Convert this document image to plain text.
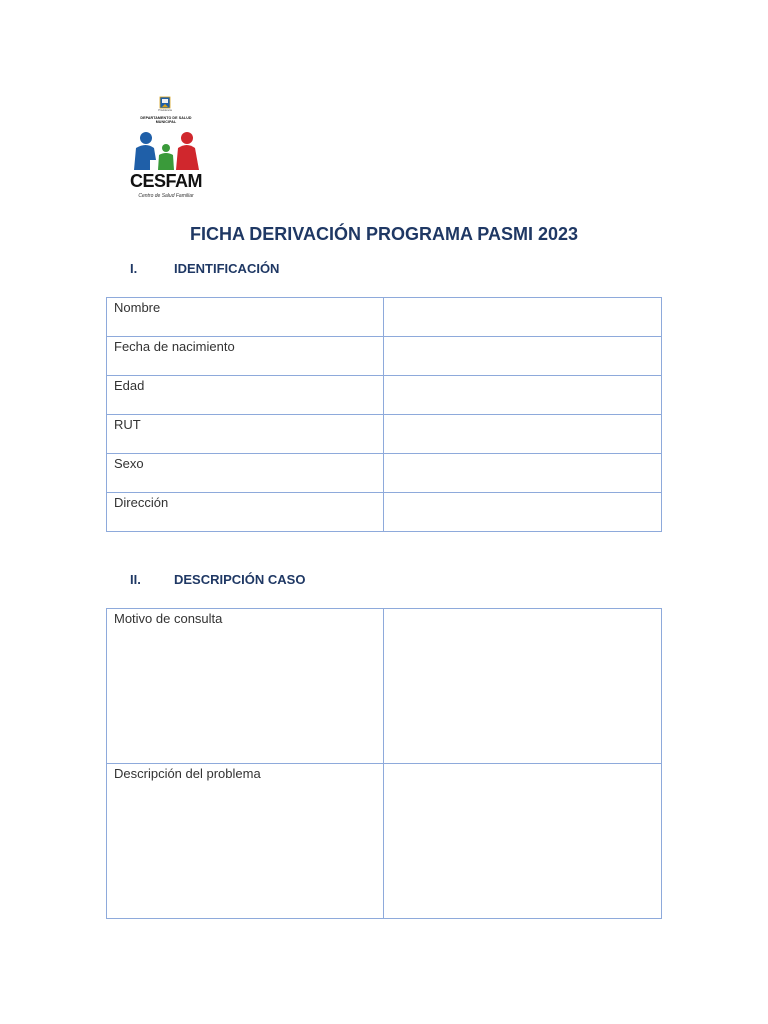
Providencia
DEPARTAMENTO DE SALUD MUNICIPAL
CESFAM
Centro de Salud Familiar
FICHA DERIVACIÓN PROGRAMA PASMI 2023
I.	IDENTIFICACIÓN
Nombre	
Fecha de nacimiento	
Edad	
RUT	
Sexo	
Dirección	
II.	DESCRIPCIÓN CASO
Motivo de consulta	
Descripción del problema	
